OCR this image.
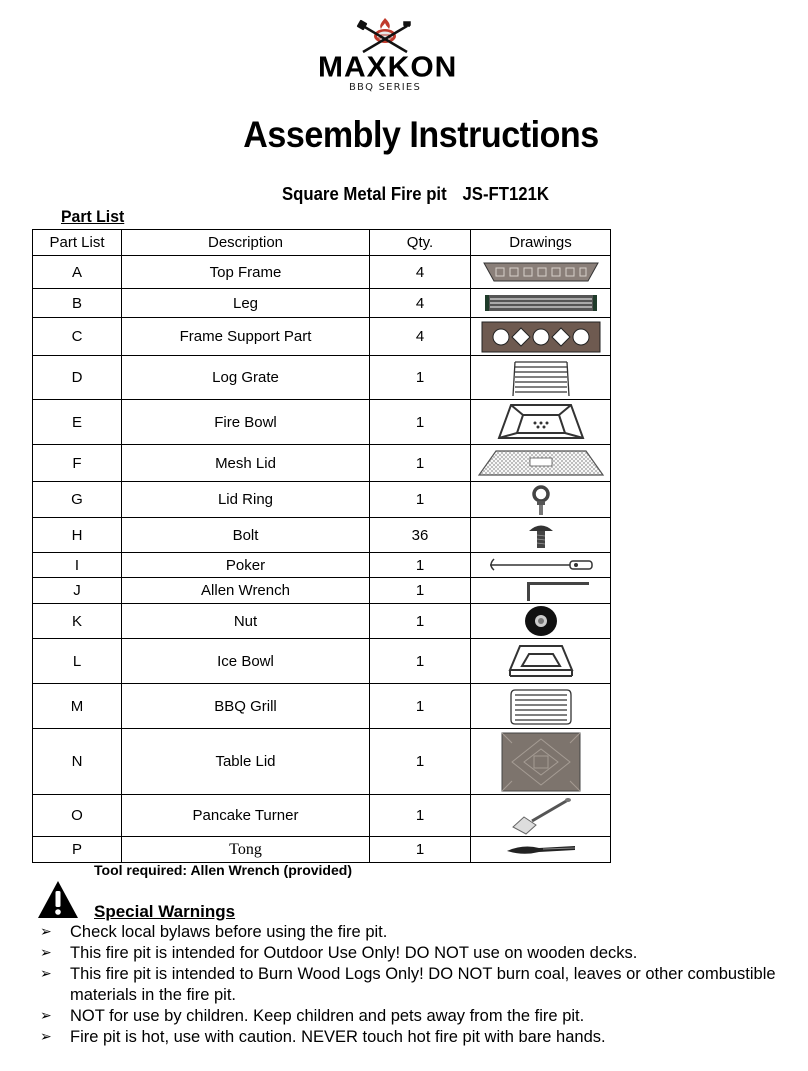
MAXKON
BBQ SERIES
Assembly Instructions
Square Metal Fire pit JS-FT121K
Part List
Part List	Description	Qty.	Drawings
A	Top Frame	4	

B	Leg	4	

C	Frame Support Part	4	

D	Log Grate	1	

E	Fire Bowl	1	

F	Mesh Lid	1	

G	Lid Ring	1	

H	Bolt	36	

I	Poker	1	

J	Allen Wrench	1	

K	Nut	1	

L	Ice Bowl	1	

M	BBQ Grill	1	

N	Table Lid	1	

O	Pancake Turner	1	

P	Tong	1	
Tool required: Allen Wrench (provided)
Special Warnings
➢ Check local bylaws before using the fire pit.
➢ This fire pit is intended for Outdoor Use Only! DO NOT use on wooden decks.
➢ This fire pit is intended to Burn Wood Logs Only! DO NOT burn coal, leaves or other combustible materials in the fire pit.
➢ NOT for use by children. Keep children and pets away from the fire pit.
➢ Fire pit is hot, use with caution. NEVER touch hot fire pit with bare hands.
